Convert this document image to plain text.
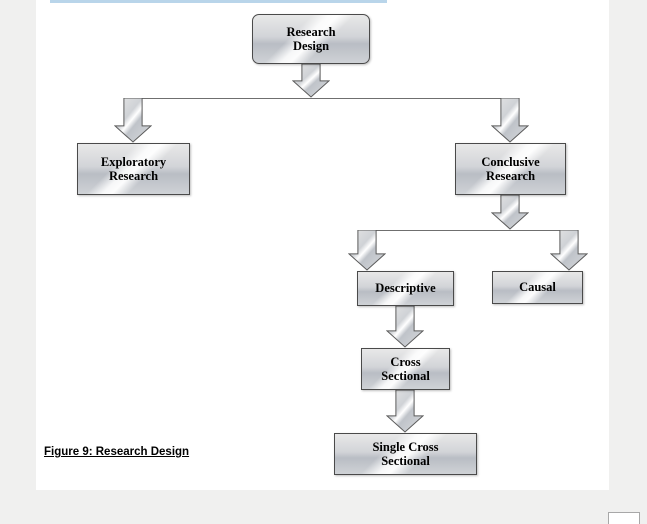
Research
Design
Exploratory
Research
Conclusive
Research
Descriptive	Causal
Cross
Sectional
Single Cross
Sectional
Figure 9: Research Design
